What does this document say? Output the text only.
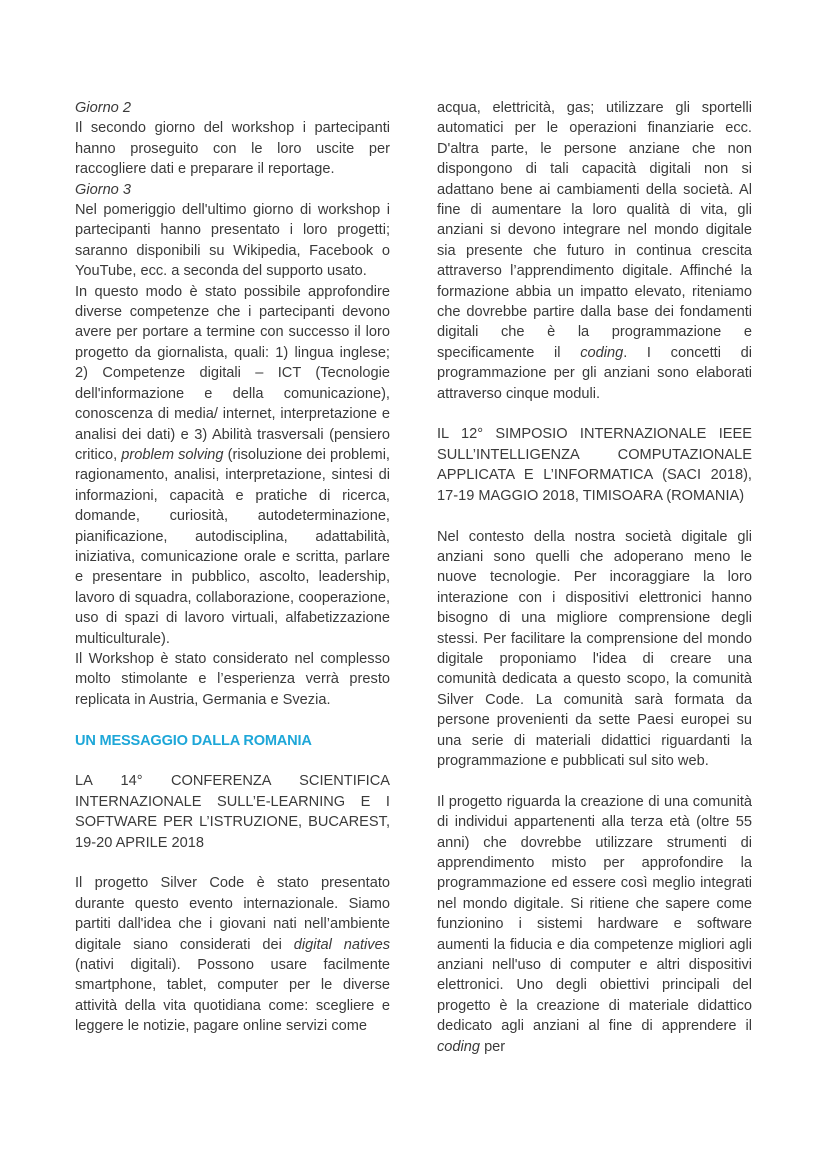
Giorno 2

Il secondo giorno del workshop i partecipanti hanno proseguito con le loro uscite per raccogliere dati e preparare il reportage.

Giorno 3

Nel pomeriggio dell'ultimo giorno di workshop i partecipanti hanno presentato i loro progetti; saranno disponibili su Wikipedia, Facebook o YouTube, ecc. a seconda del supporto usato.

In questo modo è stato possibile approfondire diverse competenze che i partecipanti devono avere per portare a termine con successo il loro progetto da giornalista, quali: 1) lingua inglese; 2) Competenze digitali – ICT (Tecnologie dell'informazione e della comunicazione), conoscenza di media/ internet, interpretazione e analisi dei dati) e 3) Abilità trasversali (pensiero critico, problem solving (risoluzione dei problemi, ragionamento, analisi, interpretazione, sintesi di informazioni, capacità e pratiche di ricerca, domande, curiosità, autodeterminazione, pianificazione, autodisciplina, adattabilità, iniziativa, comunicazione orale e scritta, parlare e presentare in pubblico, ascolto, leadership, lavoro di squadra, collaborazione, cooperazione, uso di spazi di lavoro virtuali, alfabetizzazione multiculturale).

Il Workshop è stato considerato nel complesso molto stimolante e l’esperienza verrà presto replicata in Austria, Germania e Svezia.

UN MESSAGGIO DALLA ROMANIA

LA 14° CONFERENZA SCIENTIFICA INTERNAZIONALE SULL’E-LEARNING E I SOFTWARE PER L’ISTRUZIONE, BUCAREST, 19-20 APRILE 2018

Il progetto Silver Code è stato presentato durante questo evento internazionale. Siamo partiti dall'idea che i giovani nati nell’ambiente digitale siano considerati dei digital natives (nativi digitali). Possono usare facilmente smartphone, tablet, computer per le diverse attività della vita quotidiana come: scegliere e leggere le notizie, pagare online servizi come

acqua, elettricità, gas; utilizzare gli sportelli automatici per le operazioni finanziarie ecc. D'altra parte, le persone anziane che non dispongono di tali capacità digitali non si adattano bene ai cambiamenti della società. Al fine di aumentare la loro qualità di vita, gli anziani si devono integrare nel mondo digitale sia presente che futuro in continua crescita attraverso l’apprendimento digitale. Affinché la formazione abbia un impatto elevato, riteniamo che dovrebbe partire dalla base dei fondamenti digitali che è la programmazione e specificamente il coding. I concetti di programmazione per gli anziani sono elaborati attraverso cinque moduli.

IL 12° SIMPOSIO INTERNAZIONALE IEEE SULL’INTELLIGENZA COMPUTAZIONALE APPLICATA E L’INFORMATICA (SACI 2018), 17-19 MAGGIO 2018, TIMISOARA (ROMANIA)

Nel contesto della nostra società digitale gli anziani sono quelli che adoperano meno le nuove tecnologie. Per incoraggiare la loro interazione con i dispositivi elettronici hanno bisogno di una migliore comprensione degli stessi. Per facilitare la comprensione del mondo digitale proponiamo l'idea di creare una comunità dedicata a questo scopo, la comunità Silver Code. La comunità sarà formata da persone provenienti da sette Paesi europei su una serie di materiali didattici riguardanti la programmazione e pubblicati sul sito web.

Il progetto riguarda la creazione di una comunità di individui appartenenti alla terza età (oltre 55 anni) che dovrebbe utilizzare strumenti di apprendimento misto per approfondire la programmazione ed essere così meglio integrati nel mondo digitale. Si ritiene che sapere come funzionino i sistemi hardware e software aumenti la fiducia e dia competenze migliori agli anziani nell'uso di computer e altri dispositivi elettronici. Uno degli obiettivi principali del progetto è la creazione di materiale didattico dedicato agli anziani al fine di apprendere il coding per
